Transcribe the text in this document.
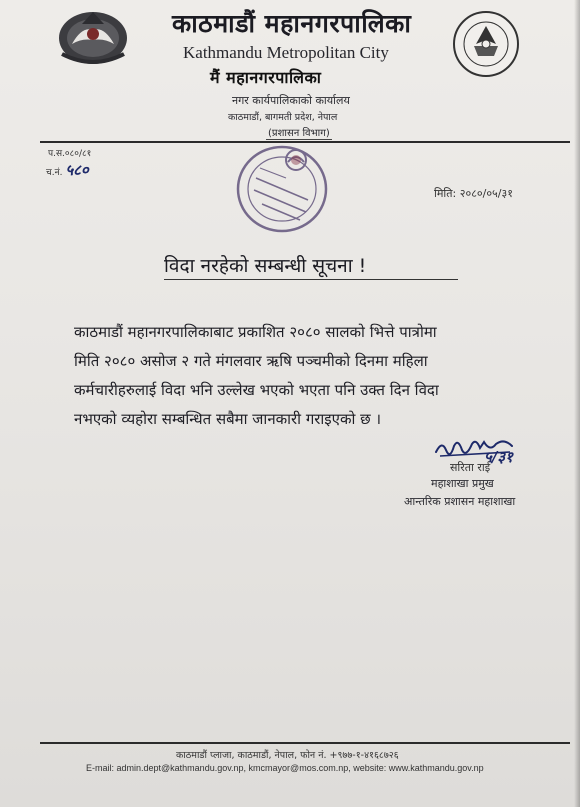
काठमाडौं महानगरपालिका
Kathmandu Metropolitan City
मैं महानगरपालिका
नगर कार्यपालिकाको कार्यालय
काठमाडौं, बागमती प्रदेश, नेपाल
(प्रशासन विभाग)
प.स.०८०/८१
च.नं. ५८०
मिति: २०८०/०५/३१
विदा नरहेको सम्बन्धी सूचना !
काठमाडौं महानगरपालिकाबाट प्रकाशित २०८० सालको भित्ते पात्रोमा
मिति २०८० असोज २ गते मंगलवार ऋषि पञ्चमीको दिनमा महिला
कर्मचारीहरुलाई विदा भनि उल्लेख भएको भएता पनि उक्त दिन विदा
नभएको व्यहोरा सम्बन्धित सबैमा जानकारी गराइएको छ ।
सरिता राई
५/३१
महाशाखा प्रमुख
आन्तरिक प्रशासन महाशाखा
काठमाडौं प्लाजा, काठमाडौं, नेपाल, फोन नं. +९७७-१-४१६८७२६
E-mail: admin.dept@kathmandu.gov.np, kmcmayor@mos.com.np, website: www.kathmandu.gov.np
